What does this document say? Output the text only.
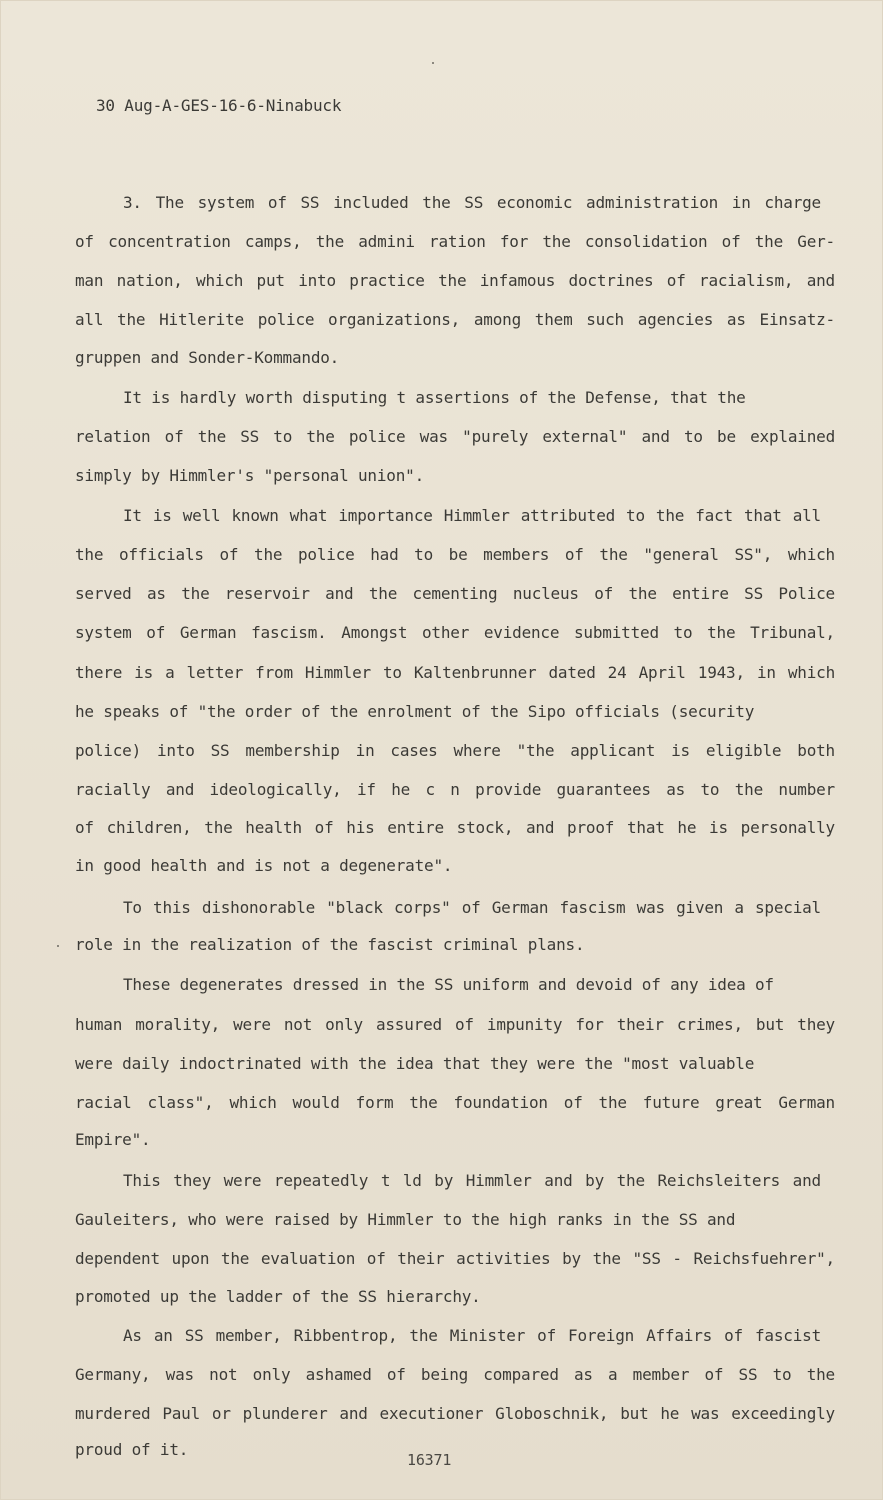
30 Aug-A-GES-16-6-Ninabuck

3. The system of SS included the SS economic administration in charge

of concentration camps, the admini ration for the consolidation of the Ger-

man nation, which put into practice the infamous doctrines of racialism, and

all the Hitlerite police organizations, among them such agencies as Einsatz-

gruppen and Sonder-Kommando.

It is hardly worth disputing t assertions of the Defense, that the

relation of the SS to the police was "purely external" and to be explained

simply by Himmler's "personal union".

It is well known what importance Himmler attributed to the fact that all

the officials of the police had to be members of the "general SS", which

served as the reservoir and the cementing nucleus of the entire SS Police

system of German fascism. Amongst other evidence submitted to the Tribunal,

there is a letter from Himmler to Kaltenbrunner dated 24 April 1943, in which

he speaks of "the order of the enrolment of the Sipo officials (security

police) into SS membership in cases where "the applicant is eligible both

racially and ideologically, if he c n provide guarantees as to the number

of children, the health of his entire stock, and proof that he is personally

in good health and is not a degenerate".

To this dishonorable "black corps" of German fascism was given a special

role in the realization of the fascist criminal plans.

These degenerates dressed in the SS uniform and devoid of any idea of

human morality, were not only assured of impunity for their crimes, but they

were daily indoctrinated with the idea that they were the "most valuable

racial class", which would form the foundation of the future great German

Empire".

This they were repeatedly t ld by Himmler and by the Reichsleiters and

Gauleiters, who were raised by Himmler to the high ranks in the SS and

dependent upon the evaluation of their activities by the "SS - Reichsfuehrer",

promoted up the ladder of the SS hierarchy.

As an SS member, Ribbentrop, the Minister of Foreign Affairs of fascist

Germany, was not only ashamed of being compared as a member of SS to the

murdered Paul or plunderer and executioner Globoschnik, but he was exceedingly

proud of it.

16371
